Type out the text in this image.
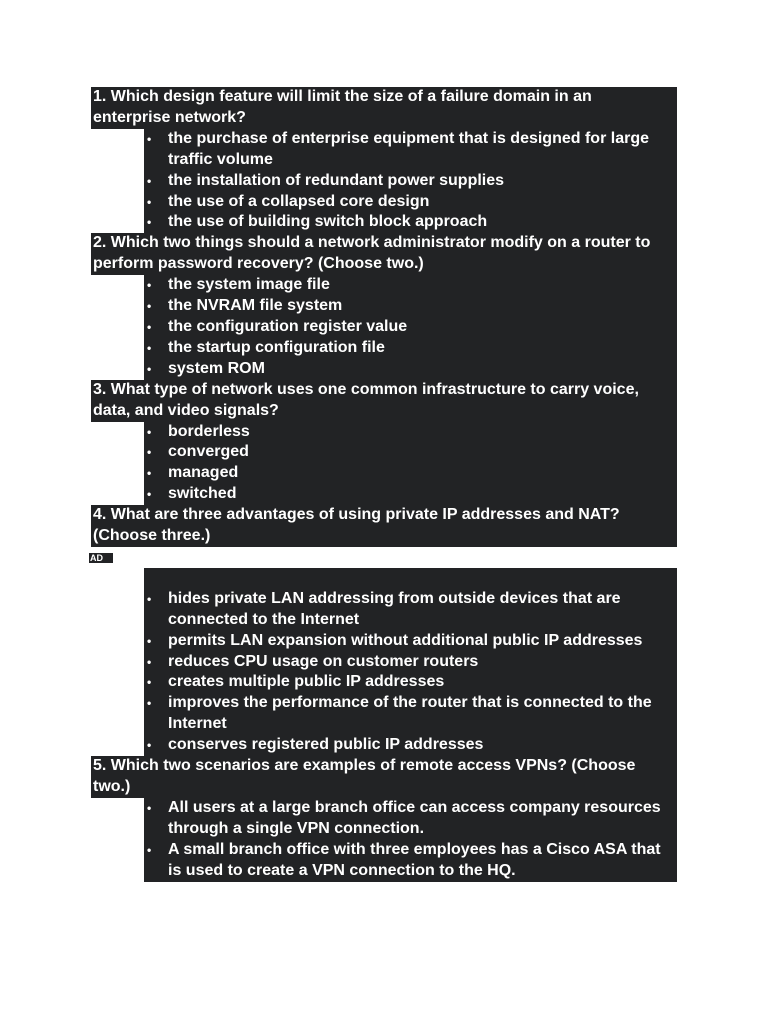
1. Which design feature will limit the size of a failure domain in an enterprise network?

• the purchase of enterprise equipment that is designed for large traffic volume
• the installation of redundant power supplies
• the use of a collapsed core design
• the use of building switch block approach

2. Which two things should a network administrator modify on a router to perform password recovery? (Choose two.)

• the system image file
• the NVRAM file system
• the configuration register value
• the startup configuration file
• system ROM

3. What type of network uses one common infrastructure to carry voice, data, and video signals?

• borderless
• converged
• managed
• switched

4. What are three advantages of using private IP addresses and NAT? (Choose three.)

AD
• hides private LAN addressing from outside devices that are connected to the Internet
• permits LAN expansion without additional public IP addresses
• reduces CPU usage on customer routers
• creates multiple public IP addresses
• improves the performance of the router that is connected to the Internet
• conserves registered public IP addresses

5. Which two scenarios are examples of remote access VPNs? (Choose two.)

• All users at a large branch office can access company resources through a single VPN connection.
• A small branch office with three employees has a Cisco ASA that is used to create a VPN connection to the HQ.
